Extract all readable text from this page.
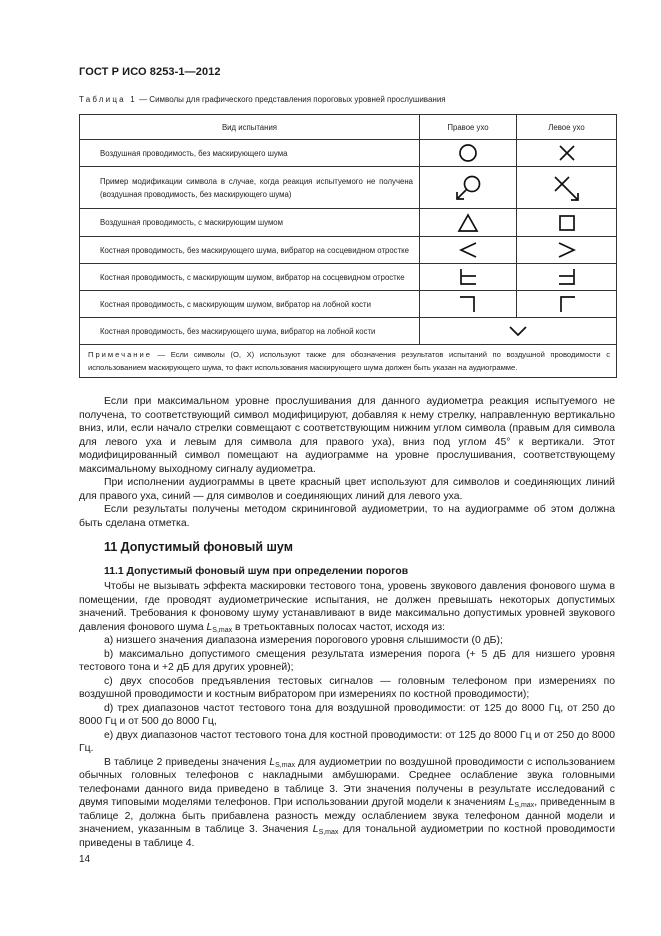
ГОСТ Р ИСО 8253-1—2012
Таблица 1 — Символы для графического представления пороговых уровней прослушивания
Вид испытания	Правое ухо	Левое ухо
Воздушная проводимость, без маскирующего шума	

Пример модификации символа в случае, когда реакция испытуемого не получена (воздушная проводимость, без маскирующего шума)	

Воздушная проводимость, с маскирующим шумом	

Костная проводимость, без маскирующего шума, вибратор на сосцевидном отростке	

Костная проводимость, с маскирующим шумом, вибратор на сосцевидном отростке	

Костная проводимость, с маскирующим шумом, вибратор на лобной кости	

Костная проводимость, без маскирующего шума, вибратор на лобной кости	

Примечание — Если символы (О, X) используют также для обозначения результатов испытаний по воздушной проводимости с использованием маскирующего шума, то факт использования маскирующего шума должен быть указан на аудиограмме.		

Если при максимальном уровне прослушивания для данного аудиометра реакция испытуемого не получена, то соответствующий символ модифицируют, добавляя к нему стрелку, направленную вертикально вниз, или, если начало стрелки совмещают с соответствующим нижним углом символа (правым для символа для левого уха и левым для символа для правого уха), вниз под углом 45° к вертикали. Этот модифицированный символ помещают на аудиограмме на уровне прослушивания, соответствующему максимальному выходному сигналу аудиометра.

При исполнении аудиограммы в цвете красный цвет используют для символов и соединяющих линий для правого уха, синий — для символов и соединяющих линий для левого уха.

Если результаты получены методом скрининговой аудиометрии, то на аудиограмме об этом должна быть сделана отметка.

11 Допустимый фоновый шум
11.1 Допустимый фоновый шум при определении порогов

Чтобы не вызывать эффекта маскировки тестового тона, уровень звукового давления фонового шума в помещении, где проводят аудиометрические испытания, не должен превышать некоторых допустимых значений. Требования к фоновому шуму устанавливают в виде максимально допустимых уровней звукового давления фонового шума $L_{S,max}$ в третьоктавных полосах частот, исходя из:

а) низшего значения диапазона измерения порогового уровня слышимости (0 дБ);

b) максимально допустимого смещения результата измерения порога (+ 5 дБ для низшего уровня тестового тона и +2 дБ для других уровней);

с) двух способов предъявления тестовых сигналов — головным телефоном при измерениях по воздушной проводимости и костным вибратором при измерениях по костной проводимости);

d) трех диапазонов частот тестового тона для воздушной проводимости: от 125 до 8000 Гц, от 250 до 8000 Гц и от 500 до 8000 Гц,

е) двух диапазонов частот тестового тона для костной проводимости: от 125 до 8000 Гц и от 250 до 8000 Гц.

В таблице 2 приведены значения $L_{S,max}$ для аудиометрии по воздушной проводимости с использованием обычных головных телефонов с накладными амбушюрами. Среднее ослабление звука головными телефонами данного вида приведено в таблице 3. Эти значения получены в результате исследований с двумя типовыми моделями телефонов. При использовании другой модели к значениям $L_{S,max}$, приведенным в таблице 2, должна быть прибавлена разность между ослаблением звука телефоном данной модели и значением, указанным в таблице 3. Значения $L_{S,max}$ для тональной аудиометрии по костной проводимости приведены в таблице 4.

14
